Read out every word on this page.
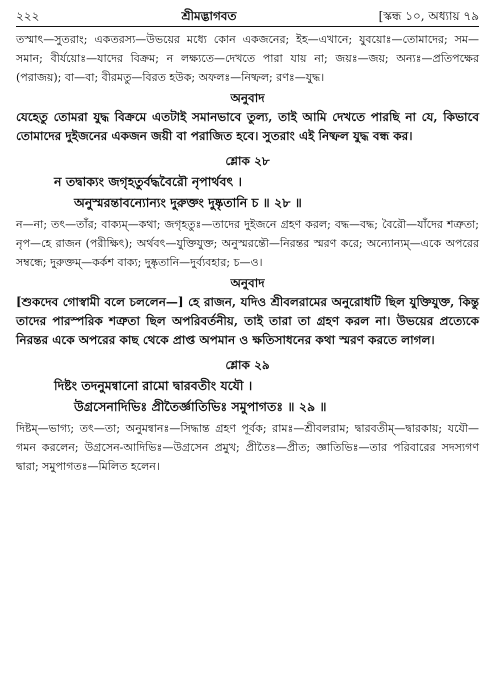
২২২	শ্রীমদ্ভাগবত	[স্কন্ধ ১০, অধ্যায় ৭৯

তস্মাৎ—সুতরাং; একতরস্য—উভয়ের মধ্যে কোন একজনের; ইহ—এখানে; যুবয়োঃ—তোমাদের; সম—সমান; বীর্যয়োঃ—যাদের বিক্রম; ন লক্ষ্যতে—দেখতে পারা যায় না; জয়ঃ—জয়; অন্যঃ—প্রতিপক্ষের (পরাজয়); বা—বা; বীরমতু—বিরত হউক; অফলঃ—নিষ্ফল; রণঃ—যুদ্ধ।

অনুবাদ

যেহেতু তোমরা যুদ্ধ বিক্রমে এতটাই সমানভাবে তুল্য, তাই আমি দেখতে পারছি না যে, কিভাবে তোমাদের দুইজনের একজন জয়ী বা পরাজিত হবে। সুতরাং এই নিষ্ফল যুদ্ধ বন্ধ কর।

শ্লোক ২৮
ন তদ্বাক্যং জগৃহতুর্বদ্ধবৈরৌ নৃপার্থবৎ ।
অনুস্মরন্তাবন্যোন্যং দুরুক্তং দুষ্কৃতানি চ ॥ ২৮ ॥

ন—না; তৎ—তাঁর; বাক্যম্—কথা; জগৃহতুঃ—তাদের দুইজনে গ্রহণ করল; বদ্ধ—বদ্ধ; বৈরৌ—যাঁদের শত্রুতা; নৃপ—হে রাজন (পরীক্ষিৎ); অর্থবৎ—যুক্তিযুক্ত; অনুস্মরন্তৌ—নিরন্তর স্মরণ করে; অন্যোন্যম্—একে অপরের সম্বন্ধে; দুরুক্তম্—কর্কশ বাক্য; দুষ্কৃতানি—দুর্ব্যবহার; চ—ও।

অনুবাদ

[শুকদেব গোস্বামী বলে চললেন—] হে রাজন, যদিও শ্রীবলরামের অনুরোধটি ছিল যুক্তিযুক্ত, কিন্তু তাদের পারস্পরিক শত্রুতা ছিল অপরিবর্তনীয়, তাই তারা তা গ্রহণ করল না। উভয়ের প্রত্যেকে নিরন্তর একে অপরের কাছ থেকে প্রাপ্ত অপমান ও ক্ষতিসাধনের কথা স্মরণ করতে লাগল।

শ্লোক ২৯
দিষ্টং তদনুমন্বানো রামো দ্বারবতীং যযৌ ।
উগ্রসেনাদিভিঃ প্রীতৈর্জ্ঞাতিভিঃ সমুপাগতঃ ॥ ২৯ ॥

দিষ্টম্—ভাগ্য; তৎ—তা; অনুমন্বানঃ—সিদ্ধান্ত গ্রহণ পূর্বক; রামঃ—শ্রীবলরাম; দ্বারবতীম্—দ্বারকায়; যযৌ—গমন করলেন; উগ্রসেন-আদিভিঃ—উগ্রসেন প্রমুখ; প্রীতৈঃ—প্রীত; জ্ঞাতিভিঃ—তার পরিবারের সদস্যগণ দ্বারা; সমুপাগতঃ—মিলিত হলেন।
